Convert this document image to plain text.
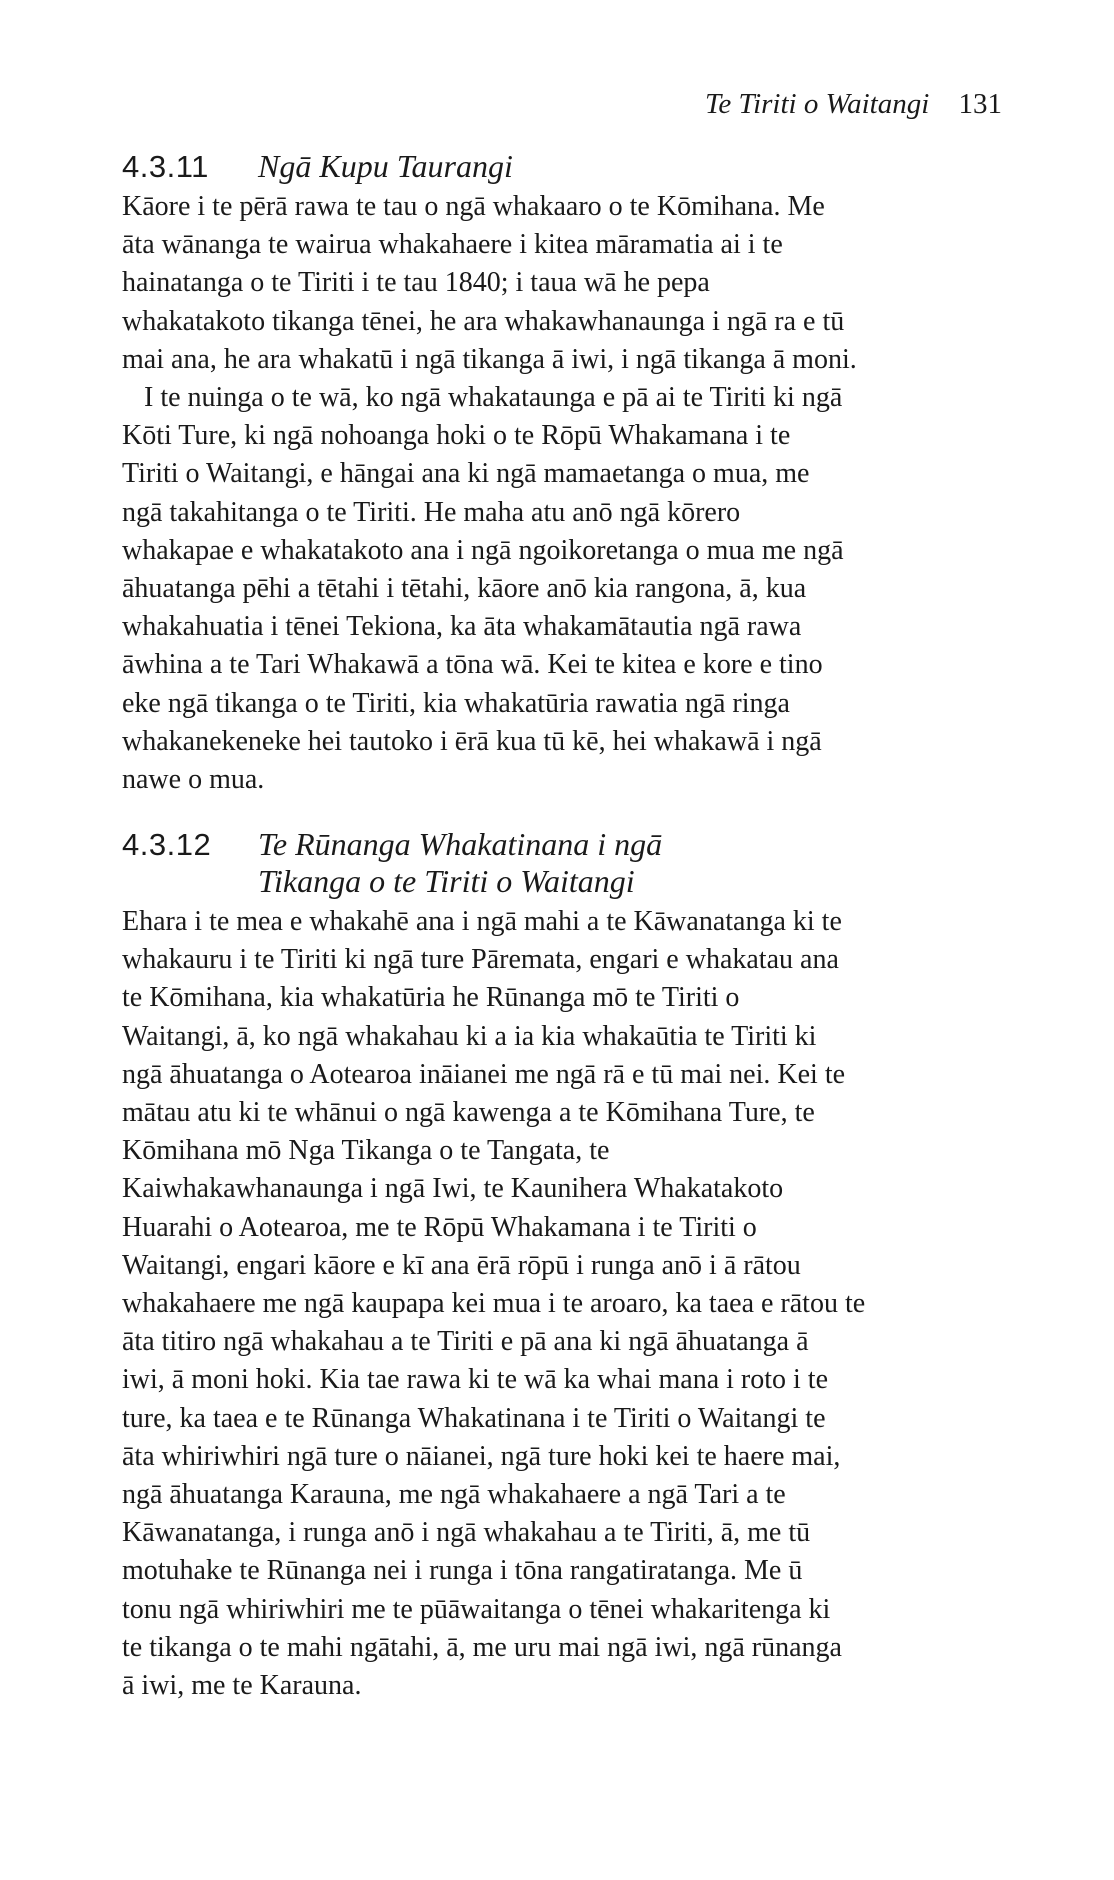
Te Tiriti o Waitangi 131
4.3.11	Ngā Kupu Taurangi

Kāore i te pērā rawa te tau o ngā whakaaro o te Kōmihana. Me
āta wānanga te wairua whakahaere i kitea māramatia ai i te
hainatanga o te Tiriti i te tau 1840; i taua wā he pepa
whakatakoto tikanga tēnei, he ara whakawhanaunga i ngā ra e tū
mai ana, he ara whakatū i ngā tikanga ā iwi, i ngā tikanga ā moni.
I te nuinga o te wā, ko ngā whakataunga e pā ai te Tiriti ki ngā
Kōti Ture, ki ngā nohoanga hoki o te Rōpū Whakamana i te
Tiriti o Waitangi, e hāngai ana ki ngā mamaetanga o mua, me
ngā takahitanga o te Tiriti. He maha atu anō ngā kōrero
whakapae e whakatakoto ana i ngā ngoikoretanga o mua me ngā
āhuatanga pēhi a tētahi i tētahi, kāore anō kia rangona, ā, kua
whakahuatia i tēnei Tekiona, ka āta whakamātautia ngā rawa
āwhina a te Tari Whakawā a tōna wā. Kei te kitea e kore e tino
eke ngā tikanga o te Tiriti, kia whakatūria rawatia ngā ringa
whakanekeneke hei tautoko i ērā kua tū kē, hei whakawā i ngā
nawe o mua.

4.3.12	Te Rūnanga Whakatinana i ngā
Tikanga o te Tiriti o Waitangi

Ehara i te mea e whakahē ana i ngā mahi a te Kāwanatanga ki te
whakauru i te Tiriti ki ngā ture Pāremata, engari e whakatau ana
te Kōmihana, kia whakatūria he Rūnanga mō te Tiriti o
Waitangi, ā, ko ngā whakahau ki a ia kia whakaūtia te Tiriti ki
ngā āhuatanga o Aotearoa ināianei me ngā rā e tū mai nei. Kei te
mātau atu ki te whānui o ngā kawenga a te Kōmihana Ture, te
Kōmihana mō Nga Tikanga o te Tangata, te
Kaiwhakawhanaunga i ngā Iwi, te Kaunihera Whakatakoto
Huarahi o Aotearoa, me te Rōpū Whakamana i te Tiriti o
Waitangi, engari kāore e kī ana ērā rōpū i runga anō i ā rātou
whakahaere me ngā kaupapa kei mua i te aroaro, ka taea e rātou te
āta titiro ngā whakahau a te Tiriti e pā ana ki ngā āhuatanga ā
iwi, ā moni hoki. Kia tae rawa ki te wā ka whai mana i roto i te
ture, ka taea e te Rūnanga Whakatinana i te Tiriti o Waitangi te
āta whiriwhiri ngā ture o nāianei, ngā ture hoki kei te haere mai,
ngā āhuatanga Karauna, me ngā whakahaere a ngā Tari a te
Kāwanatanga, i runga anō i ngā whakahau a te Tiriti, ā, me tū
motuhake te Rūnanga nei i runga i tōna rangatiratanga. Me ū
tonu ngā whiriwhiri me te pūāwaitanga o tēnei whakaritenga ki
te tikanga o te mahi ngātahi, ā, me uru mai ngā iwi, ngā rūnanga
ā iwi, me te Karauna.
